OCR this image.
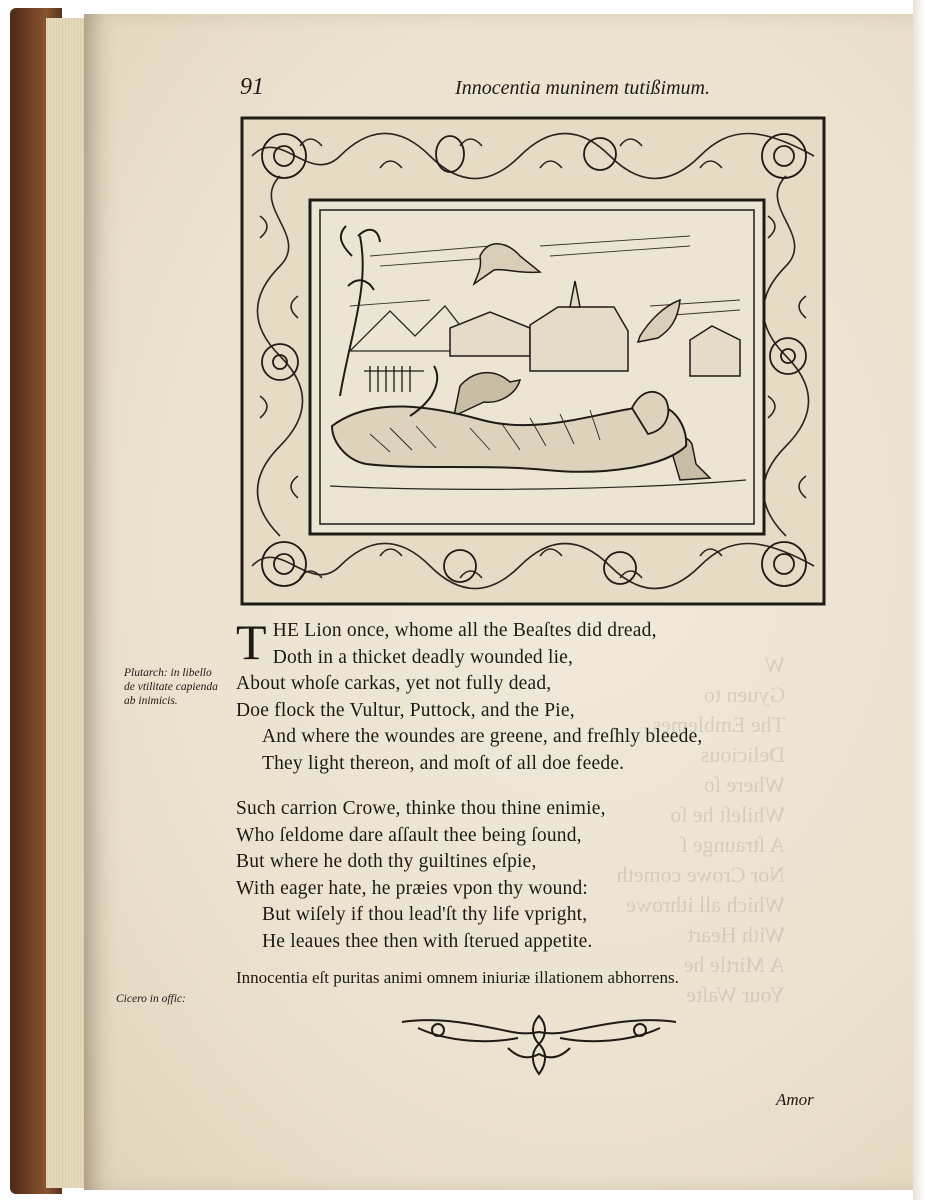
W
Gyuen to
The Emblemes
Delicious
Where ſo
Whileſt he ſo
A ſtraunge ſ
Nor Crowe cometh
Which all ithrowe
With Heart
A Mirtle he
Your Waſte
91	Innocentia muninem tutißimum.
THE Lion once, whome all the Beaſtes did dread,
Doth in a thicket deadly wounded lie,
About whoſe carkas, yet not fully dead,
Doe flock the Vultur, Puttock, and the Pie,
And where the woundes are greene, and freſhly bleede,
They light thereon, and moſt of all doe feede.
Such carrion Crowe, thinke thou thine enimie,
Who ſeldome dare aſſault thee being ſound,
But where he doth thy guiltines eſpie,
With eager hate, he præies vpon thy wound:
But wiſely if thou lead'ſt thy life vpright,
He leaues thee then with ſterued appetite.
Plutarch: in libello
de vtilitate capienda
ab inimicis.
Cicero in offic:
Innocentia eſt puritas animi omnem iniuriæ illationem abhorrens.
Amor
